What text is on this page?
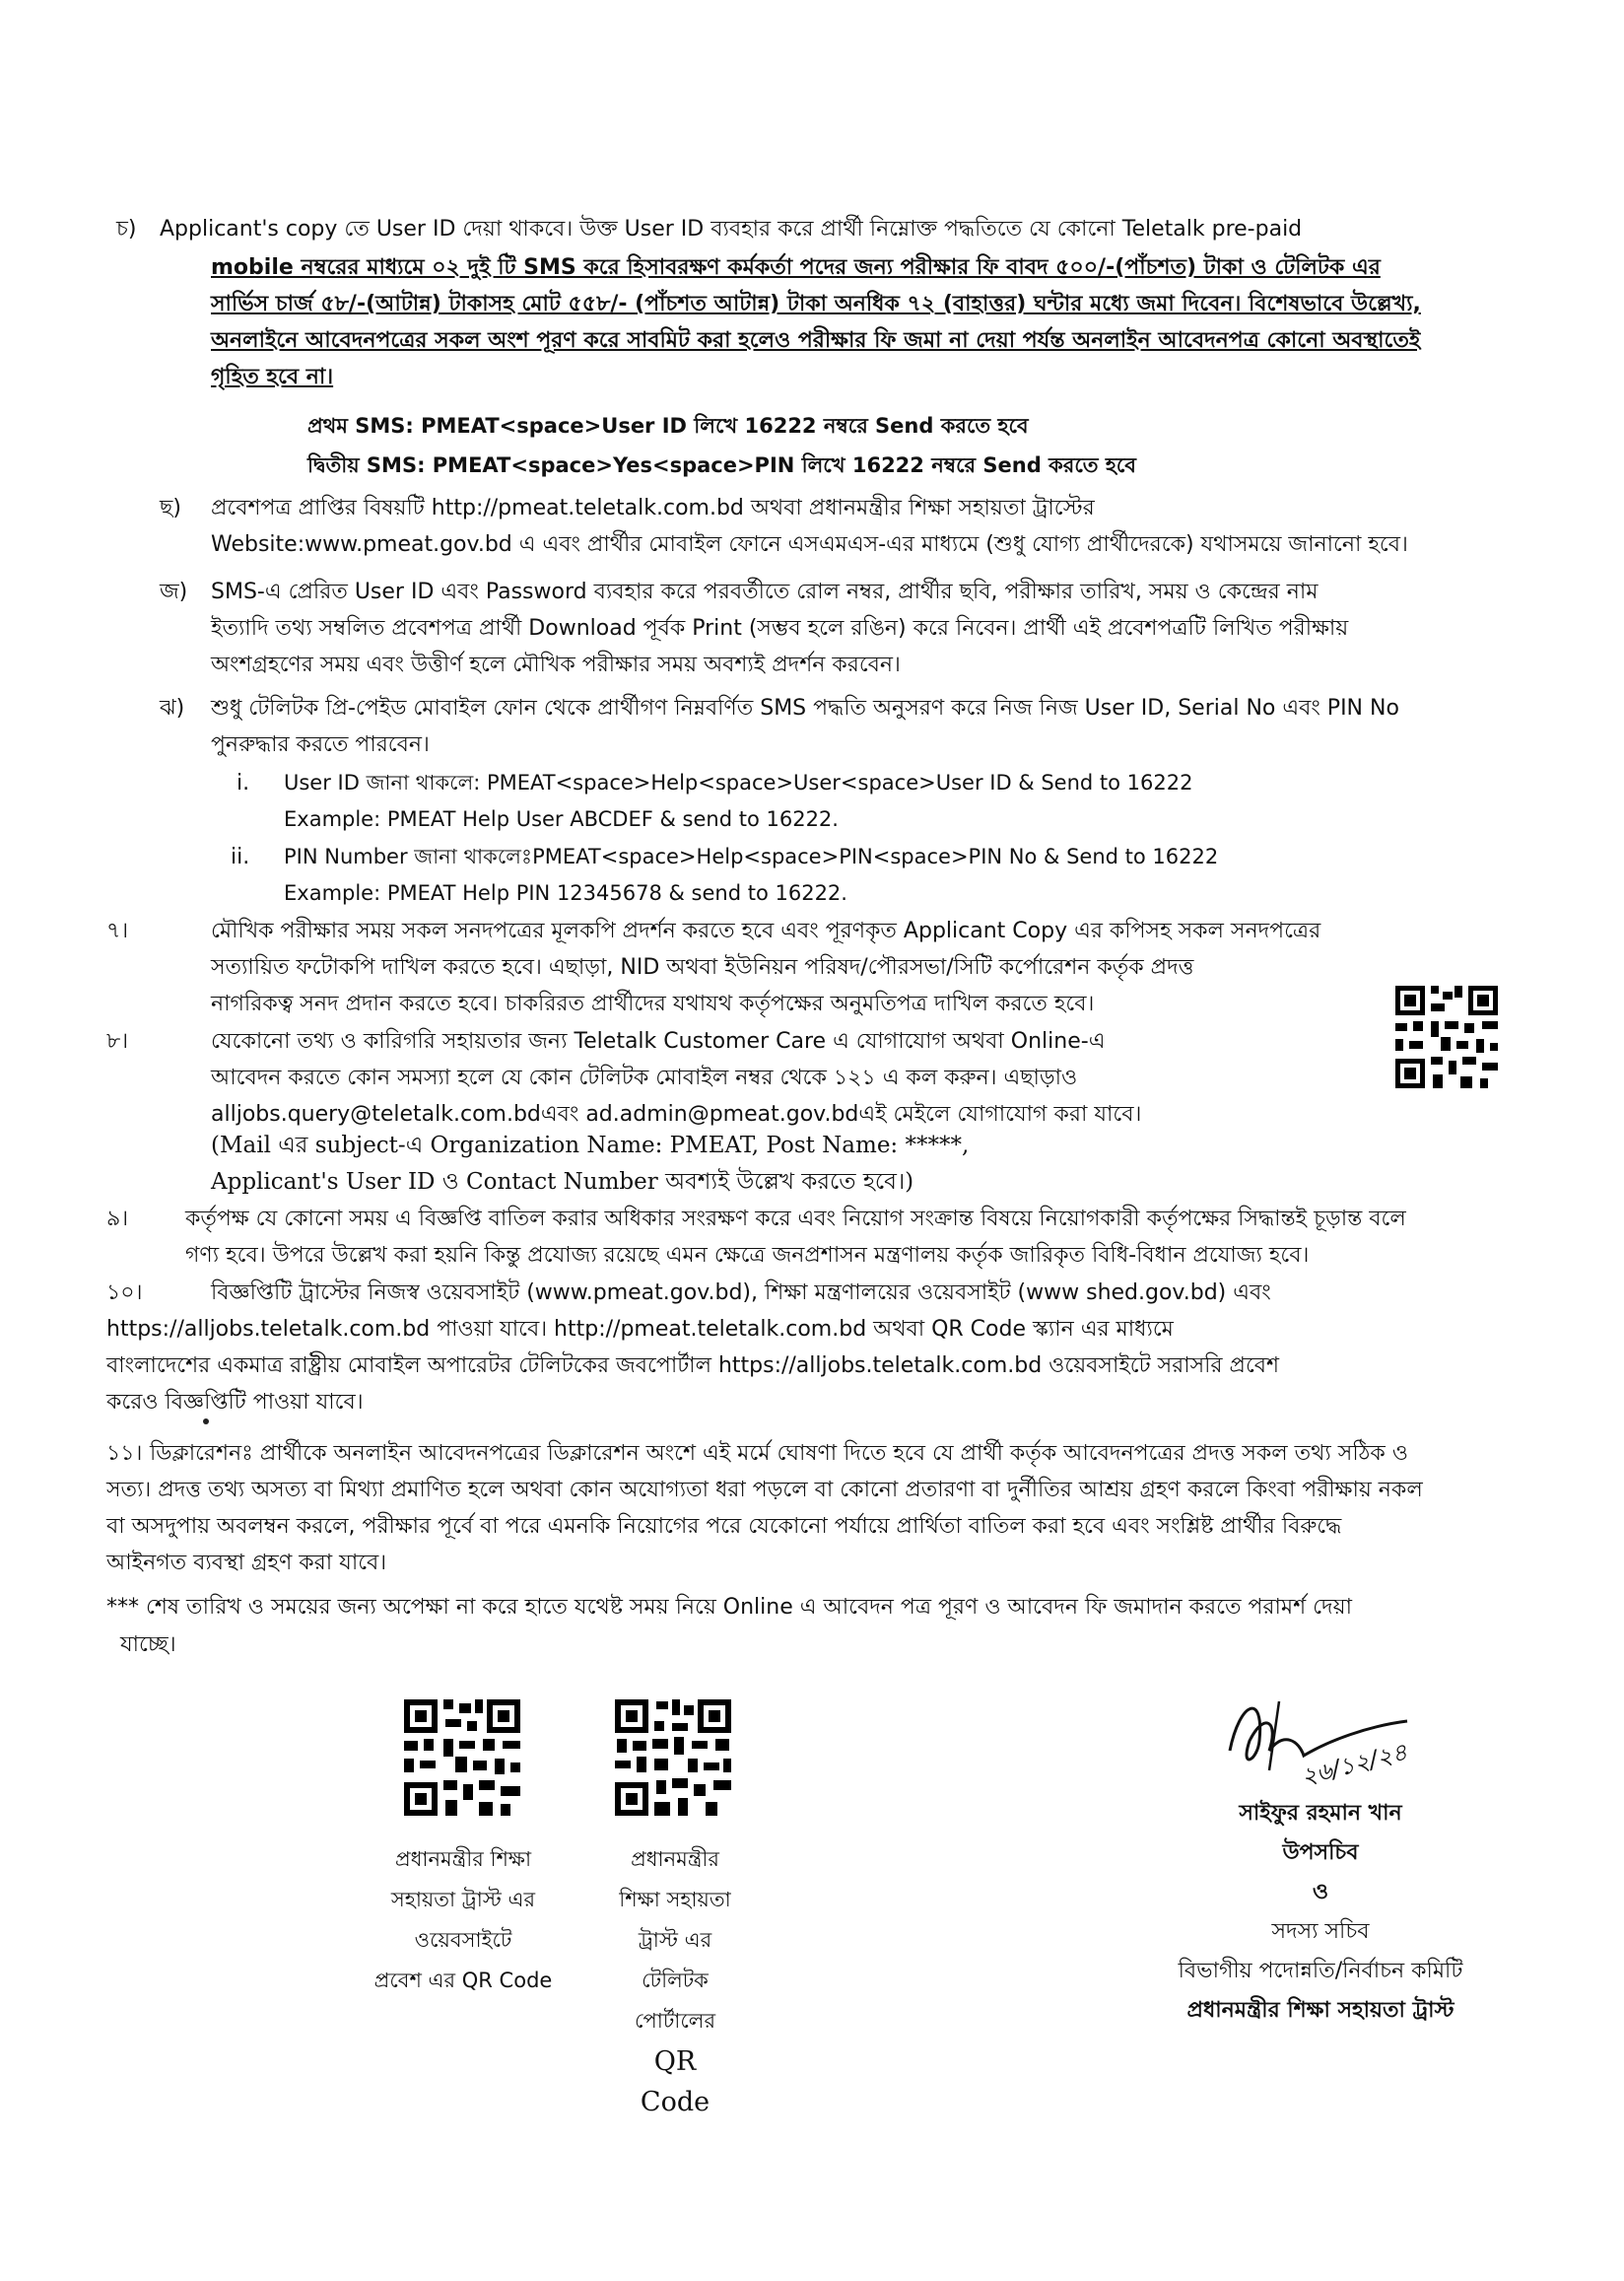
চ) Applicant's copy তে User ID দেয়া থাকবে। উক্ত User ID ব্যবহার করে প্রার্থী নিম্নোক্ত পদ্ধতিতে যে কোনো Teletalk pre-paid
mobile নম্বরের মাধ্যমে ০২ দুই টি SMS করে হিসাবরক্ষণ কর্মকর্তা পদের জন্য পরীক্ষার ফি বাবদ ৫০০/-(পাঁচশত) টাকা ও টেলিটক এর
সার্ভিস চার্জ ৫৮/-(আটান্ন) টাকাসহ মোট ৫৫৮/- (পাঁচশত আটান্ন) টাকা অনধিক ৭২ (বাহাত্তর) ঘন্টার মধ্যে জমা দিবেন। বিশেষভাবে উল্লেখ্য,
অনলাইনে আবেদনপত্রের সকল অংশ পূরণ করে সাবমিট করা হলেও পরীক্ষার ফি জমা না দেয়া পর্যন্ত অনলাইন আবেদনপত্র কোনো অবস্থাতেই
গৃহিত হবে না।
প্রথম SMS: PMEAT<space>User ID লিখে 16222 নম্বরে Send করতে হবে
দ্বিতীয় SMS: PMEAT<space>Yes<space>PIN লিখে 16222 নম্বরে Send করতে হবে
ছ) প্রবেশপত্র প্রাপ্তির বিষয়টি http://pmeat.teletalk.com.bd অথবা প্রধানমন্ত্রীর শিক্ষা সহায়তা ট্রাস্টের
Website:www.pmeat.gov.bd এ এবং প্রার্থীর মোবাইল ফোনে এসএমএস-এর মাধ্যমে (শুধু যোগ্য প্রার্থীদেরকে) যথাসময়ে জানানো হবে।
জ) SMS-এ প্রেরিত User ID এবং Password ব্যবহার করে পরবর্তীতে রোল নম্বর, প্রার্থীর ছবি, পরীক্ষার তারিখ, সময় ও কেন্দ্রের নাম
ইত্যাদি তথ্য সম্বলিত প্রবেশপত্র প্রার্থী Download পূর্বক Print (সম্ভব হলে রঙিন) করে নিবেন। প্রার্থী এই প্রবেশপত্রটি লিখিত পরীক্ষায়
অংশগ্রহণের সময় এবং উত্তীর্ণ হলে মৌখিক পরীক্ষার সময় অবশ্যই প্রদর্শন করবেন।
ঝ) শুধু টেলিটক প্রি-পেইড মোবাইল ফোন থেকে প্রার্থীগণ নিম্নবর্ণিত SMS পদ্ধতি অনুসরণ করে নিজ নিজ User ID, Serial No এবং PIN No
পুনরুদ্ধার করতে পারবেন।
i. User ID জানা থাকলে: PMEAT<space>Help<space>User<space>User ID & Send to 16222
Example: PMEAT Help User ABCDEF & send to 16222.
ii. PIN Number জানা থাকলেঃPMEAT<space>Help<space>PIN<space>PIN No & Send to 16222
Example: PMEAT Help PIN 12345678 & send to 16222.
৭।	মৌখিক পরীক্ষার সময় সকল সনদপত্রের মূলকপি প্রদর্শন করতে হবে এবং পূরণকৃত Applicant Copy এর কপিসহ সকল সনদপত্রের
সত্যায়িত ফটোকপি দাখিল করতে হবে। এছাড়া, NID অথবা ইউনিয়ন পরিষদ/পৌরসভা/সিটি কর্পোরেশন কর্তৃক প্রদত্ত
নাগরিকত্ব সনদ প্রদান করতে হবে। চাকরিরত প্রার্থীদের যথাযথ কর্তৃপক্ষের অনুমতিপত্র দাখিল করতে হবে।
৮।	যেকোনো তথ্য ও কারিগরি সহায়তার জন্য Teletalk Customer Care এ যোগাযোগ অথবা Online-এ
আবেদন করতে কোন সমস্যা হলে যে কোন টেলিটক মোবাইল নম্বর থেকে ১২১ এ কল করুন। এছাড়াও
alljobs.query@teletalk.com.bdএবং ad.admin@pmeat.gov.bdএই মেইলে যোগাযোগ করা যাবে।
(Mail এর subject-এ Organization Name: PMEAT, Post Name: *****,
Applicant's User ID ও Contact Number অবশ্যই উল্লেখ করতে হবে।)
৯।	কর্তৃপক্ষ যে কোনো সময় এ বিজ্ঞপ্তি বাতিল করার অধিকার সংরক্ষণ করে এবং নিয়োগ সংক্রান্ত বিষয়ে নিয়োগকারী কর্তৃপক্ষের সিদ্ধান্তই চূড়ান্ত বলে
গণ্য হবে। উপরে উল্লেখ করা হয়নি কিন্তু প্রযোজ্য রয়েছে এমন ক্ষেত্রে জনপ্রশাসন মন্ত্রণালয় কর্তৃক জারিকৃত বিধি-বিধান প্রযোজ্য হবে।
১০।	বিজ্ঞপ্তিটি ট্রাস্টের নিজস্ব ওয়েবসাইট (www.pmeat.gov.bd), শিক্ষা মন্ত্রণালয়ের ওয়েবসাইট (www shed.gov.bd) এবং
https://alljobs.teletalk.com.bd পাওয়া যাবে। http://pmeat.teletalk.com.bd অথবা QR Code স্ক্যান এর মাধ্যমে
বাংলাদেশের একমাত্র রাষ্ট্রীয় মোবাইল অপারেটর টেলিটকের জবপোর্টাল https://alljobs.teletalk.com.bd ওয়েবসাইটে সরাসরি প্রবেশ
করেও বিজ্ঞপ্তিটি পাওয়া যাবে।
১১। ডিক্লারেশনঃ প্রার্থীকে অনলাইন আবেদনপত্রের ডিক্লারেশন অংশে এই মর্মে ঘোষণা দিতে হবে যে প্রার্থী কর্তৃক আবেদনপত্রের প্রদত্ত সকল তথ্য সঠিক ও
সত্য। প্রদত্ত তথ্য অসত্য বা মিথ্যা প্রমাণিত হলে অথবা কোন অযোগ্যতা ধরা পড়লে বা কোনো প্রতারণা বা দুর্নীতির আশ্রয় গ্রহণ করলে কিংবা পরীক্ষায় নকল
বা অসদুপায় অবলম্বন করলে, পরীক্ষার পূর্বে বা পরে এমনকি নিয়োগের পরে যেকোনো পর্যায়ে প্রার্থিতা বাতিল করা হবে এবং সংশ্লিষ্ট প্রার্থীর বিরুদ্ধে
আইনগত ব্যবস্থা গ্রহণ করা যাবে।
*** শেষ তারিখ ও সময়ের জন্য অপেক্ষা না করে হাতে যথেষ্ট সময় নিয়ে Online এ আবেদন পত্র পূরণ ও আবেদন ফি জমাদান করতে পরামর্শ দেয়া
যাচ্ছে।
প্রধানমন্ত্রীর শিক্ষা
সহায়তা ট্রাস্ট এর
ওয়েবসাইটে
প্রবেশ এর QR Code
প্রধানমন্ত্রীর
শিক্ষা সহায়তা
ট্রাস্ট এর
টেলিটক
পোর্টালের
QR
Code
২৬/১২/২৪
সাইফুর রহমান খান
উপসচিব
ও
সদস্য সচিব
বিভাগীয় পদোন্নতি/নির্বাচন কমিটি
প্রধানমন্ত্রীর শিক্ষা সহায়তা ট্রাস্ট
